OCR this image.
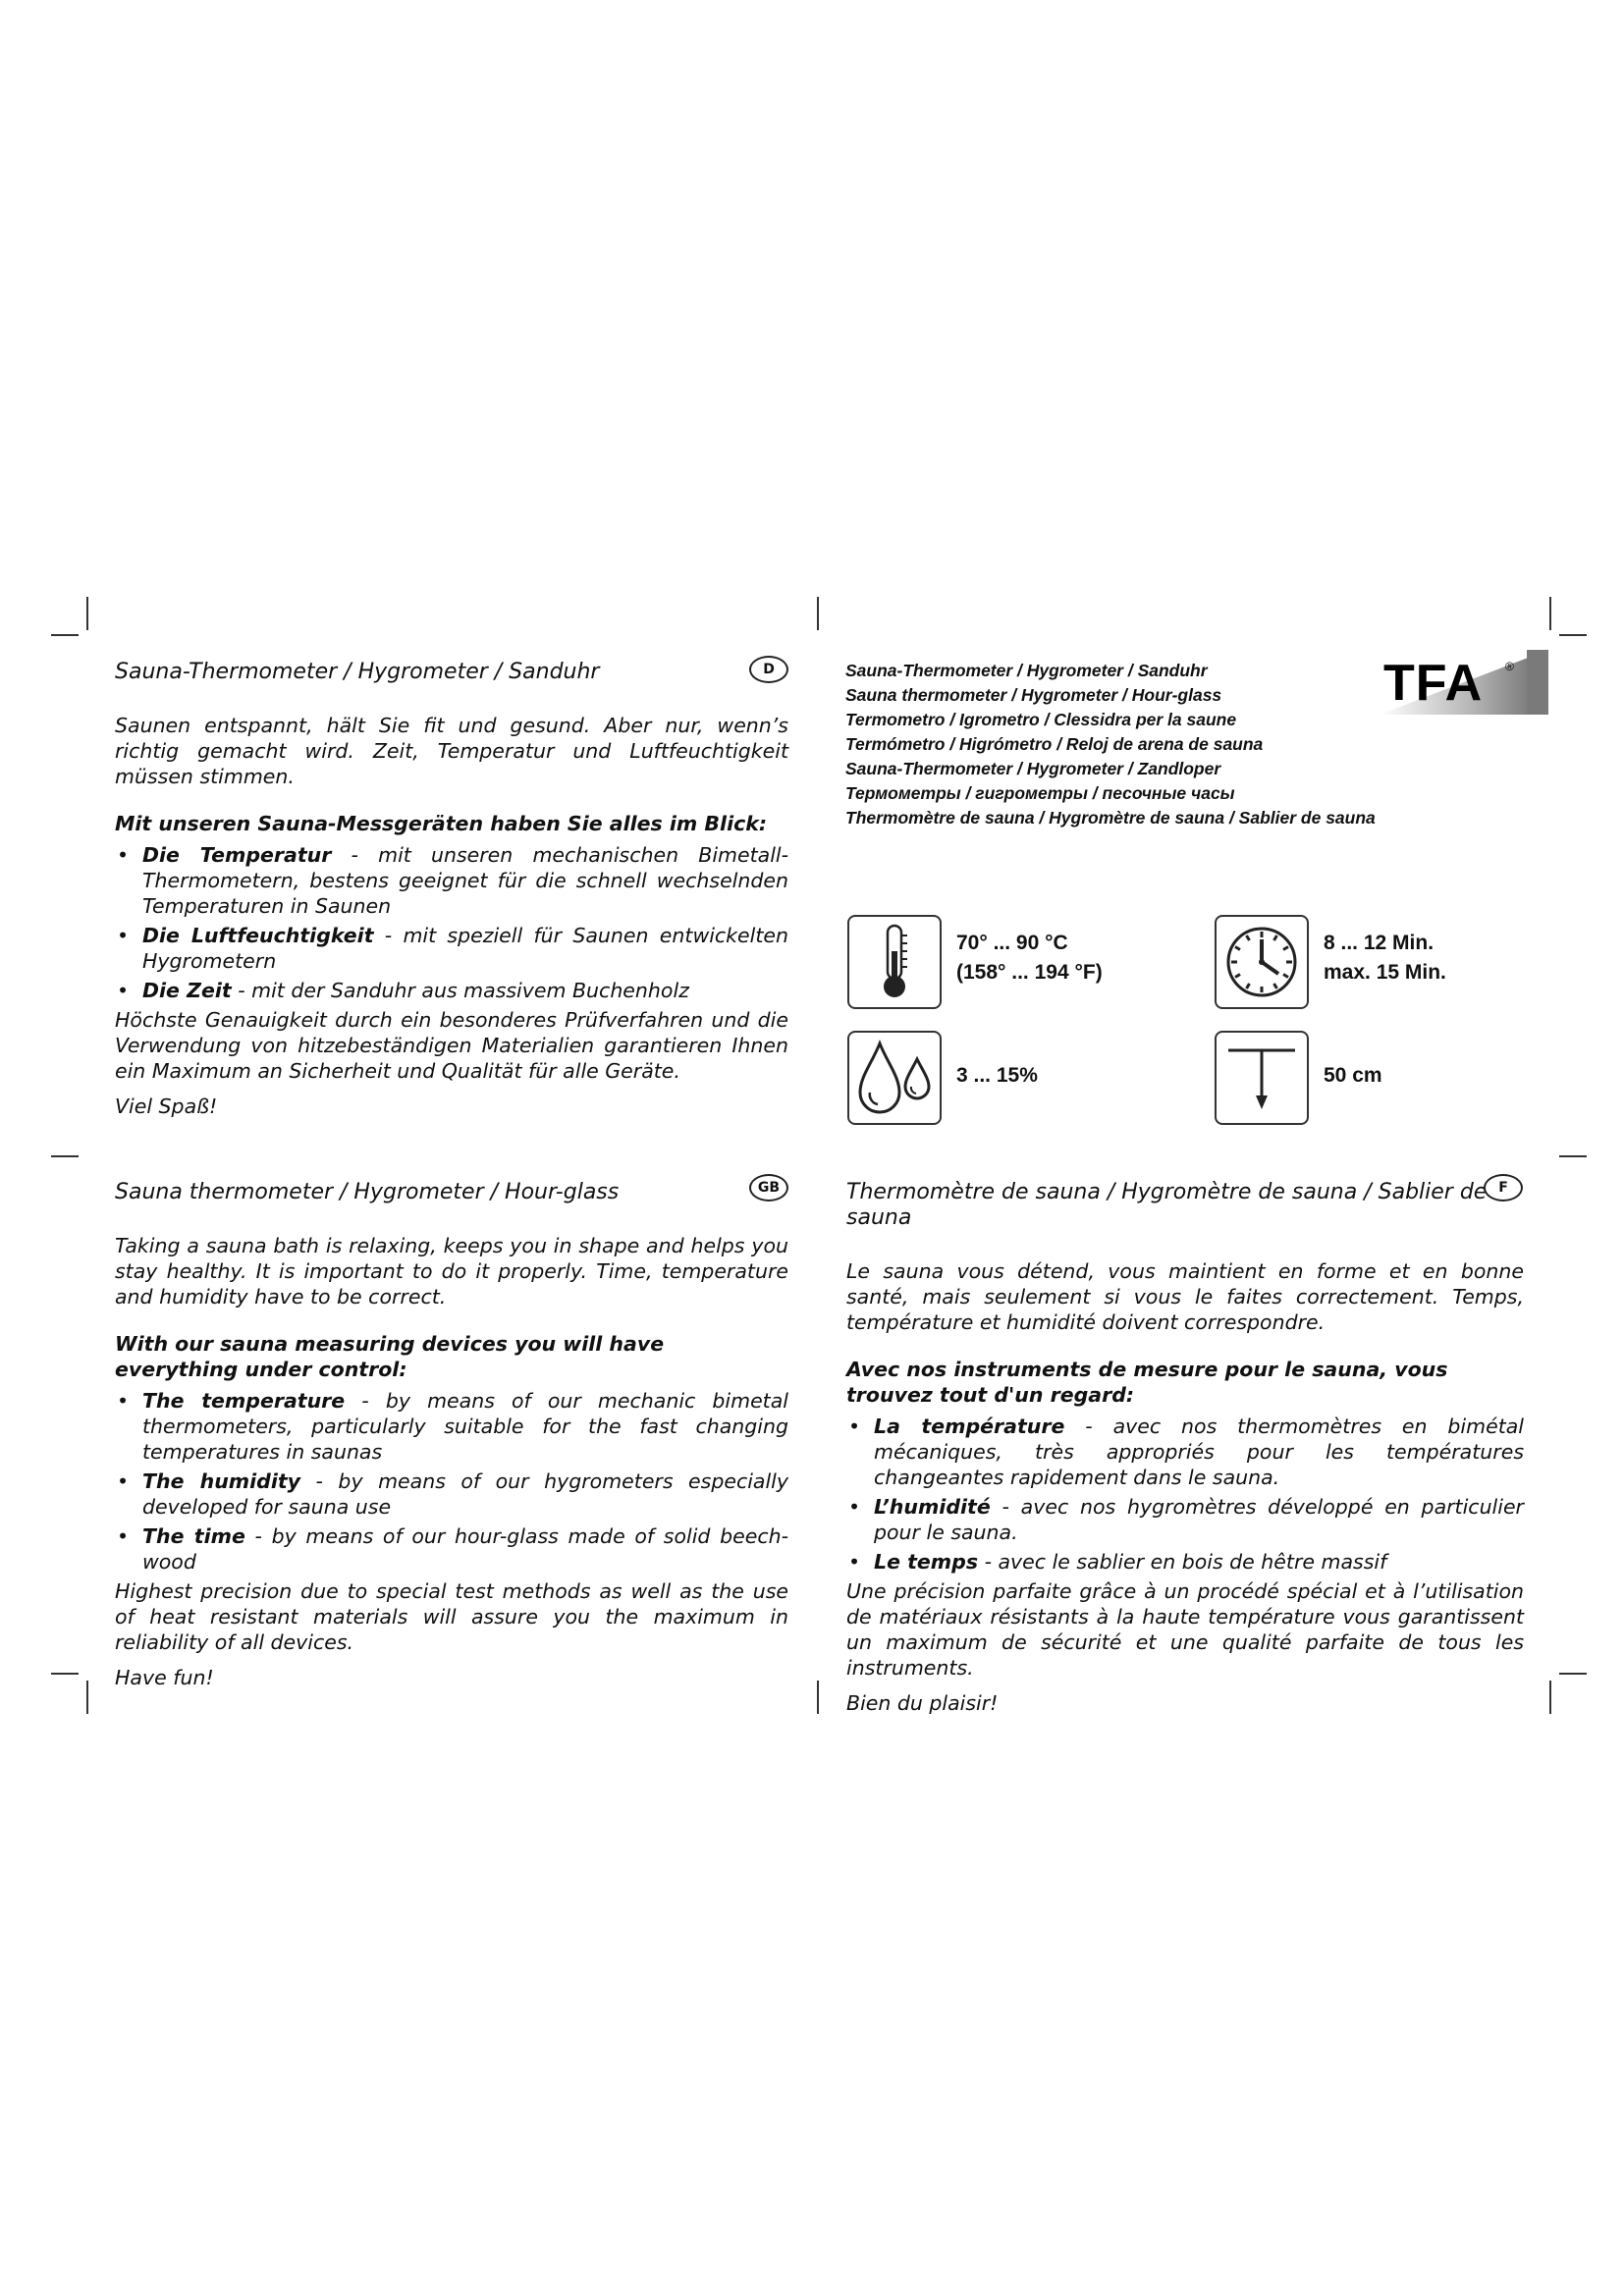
Sauna-Thermometer / Hygrometer / Sanduhr

Saunen entspannt, hält Sie fit und gesund. Aber nur, wenn’s richtig gemacht wird. Zeit, Temperatur und Luftfeuchtigkeit müssen stimmen.

Mit unseren Sauna-Messgeräten haben Sie alles im Blick:

• Die Temperatur - mit unseren mechanischen Bimetall-Thermometern, bestens geeignet für die schnell wechselnden Temperaturen in Saunen
• Die Luftfeuchtigkeit - mit speziell für Saunen entwickelten Hygrometern
• Die Zeit - mit der Sanduhr aus massivem Buchenholz

Höchste Genauigkeit durch ein besonderes Prüfverfahren und die Verwendung von hitzebeständigen Materialien garantieren Ihnen ein Maximum an Sicherheit und Qualität für alle Geräte.

Viel Spaß!

D

Sauna thermometer / Hygrometer / Hour-glass

Taking a sauna bath is relaxing, keeps you in shape and helps you stay healthy. It is important to do it properly. Time, temperature and humidity have to be correct.

With our sauna measuring devices you will have everything under control:

• The temperature - by means of our mechanic bimetal thermometers, particularly suitable for the fast changing temperatures in saunas
• The humidity - by means of our hygrometers especially developed for sauna use
• The time - by means of our hour-glass made of solid beech-wood

Highest precision due to special test methods as well as the use of heat resistant materials will assure you the maximum in reliability of all devices.

Have fun!

GB	Thermomètre de sauna / Hygromètre de sauna / Sablier de sauna

Le sauna vous détend, vous maintient en forme et en bonne santé, mais seulement si vous le faites correctement. Temps, température et humidité doivent correspondre.

Avec nos instruments de mesure pour le sauna, vous trouvez tout d'un regard:

• La température - avec nos thermomètres en bimétal mécaniques, très appropriés pour les températures changeantes rapidement dans le sauna.
• L’humidité - avec nos hygromètres développé en particulier pour le sauna.
• Le temps - avec le sablier en bois de hêtre massif

Une précision parfaite grâce à un procédé spécial et à l’utilisation de matériaux résistants à la haute température vous garantissent un maximum de sécurité et une qualité parfaite de tous les instruments.

Bien du plaisir!

F
Sauna-Thermometer / Hygrometer / Sanduhr
Sauna thermometer / Hygrometer / Hour-glass
Termometro / Igrometro / Clessidra per la saune
Termómetro / Higrómetro / Reloj de arena de sauna
Sauna-Thermometer / Hygrometer / Zandloper
Термометры / гигрометры / песочные часы
Thermomètre de sauna / Hygromètre de sauna / Sablier de sauna
TFA ®
70° ... 90 °C
(158° ... 194 °F)
8 ... 12 Min.
max. 15 Min.
3 ... 15%	50 cm
